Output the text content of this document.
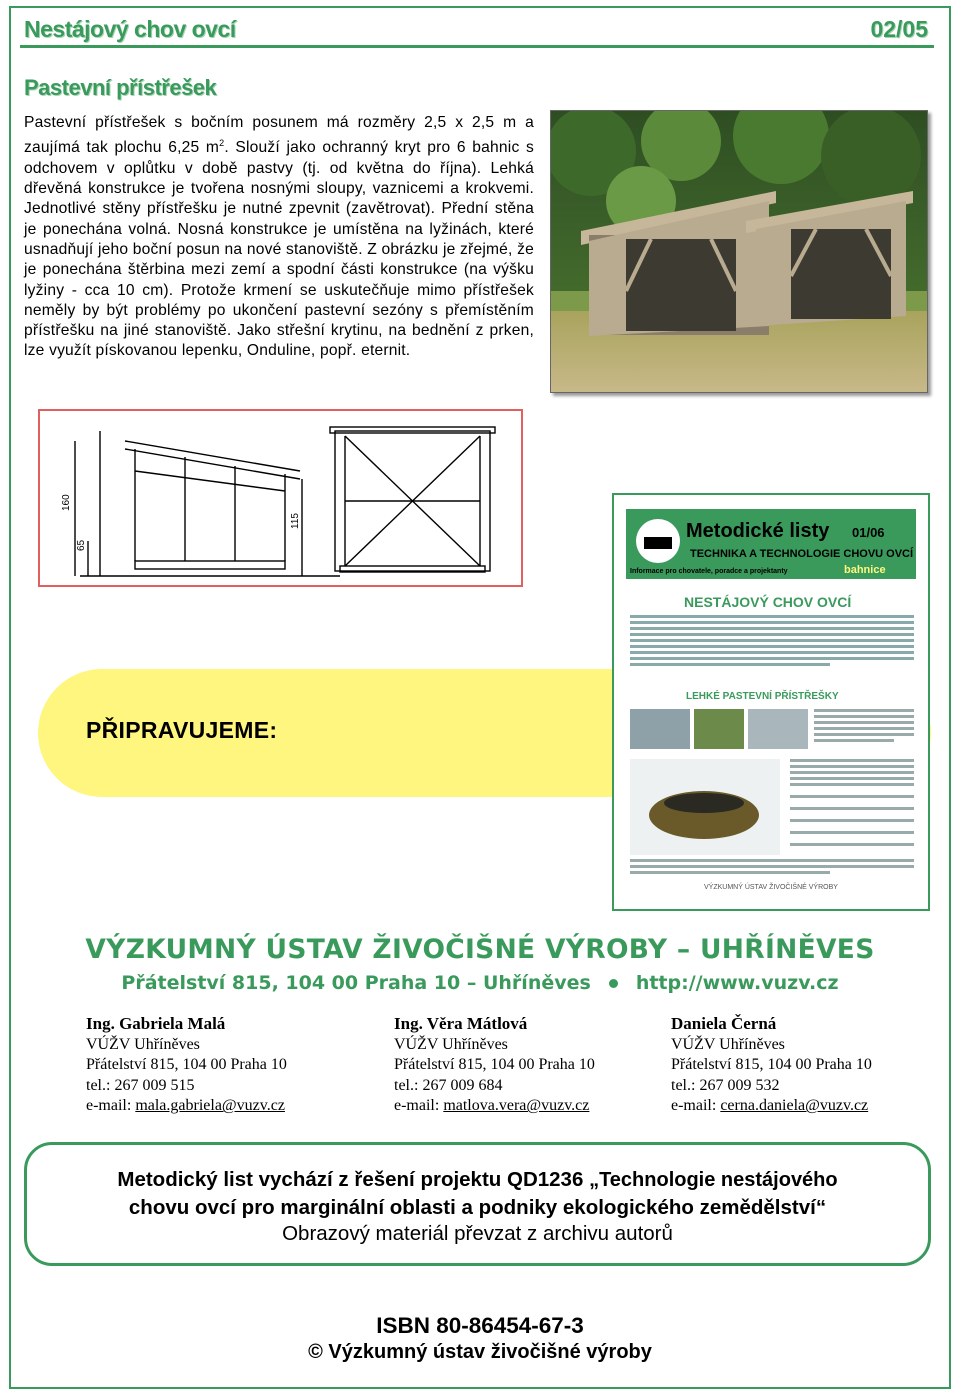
Nestájový chov ovcí	02/05
Pastevní přístřešek
Pastevní přístřešek s bočním posunem má rozměry 2,5 x 2,5 m a zaujímá tak plochu 6,25 $m^2$. Slouží jako ochranný kryt pro 6 bahnic s odchovem v oplůtku v době pastvy (tj. od května do října). Lehká dřevěná konstrukce je tvořena nosnými sloupy, vaznicemi a krokvemi. Jednotlivé stěny přístřešku je nutné zpevnit (zavětrovat). Přední stěna je ponechána volná. Nosná konstrukce je umístěna na lyžinách, které usnadňují jeho boční posun na nové stanoviště. Z obrázku je zřejmé, že je ponechána štěrbina mezi zemí a spodní části konstrukce (na výšku lyžiny - cca 10 cm). Protože krmení se uskutečňuje mimo přístřešek neměly by být problémy po ukončení pastevní sezóny s přemístěním přístřešku na jiné stanoviště. Jako střešní krytinu, na bednění z prken, lze využít pískovanou lepenku, Onduline, popř. eternit.
160
65
115
PŘIPRAVUJEME:
Metodické listy 01/06
TECHNIKA A TECHNOLOGIE CHOVU OVCÍ
Informace pro chovatele, poradce a projektanty	bahnice
NESTÁJOVÝ CHOV OVCÍ
LEHKÉ PASTEVNÍ PŘÍSTŘEŠKY
VÝZKUMNÝ ÚSTAV ŽIVOČIŠNÉ VÝROBY
VÝZKUMNÝ ÚSTAV ŽIVOČIŠNÉ VÝROBY – UHŘÍNĚVES
Přátelství 815, 104 00 Praha 10 – Uhříněves http://www.vuzv.cz
Ing. Gabriela Malá
VÚŽV Uhříněves
Přátelství 815, 104 00 Praha 10
tel.: 267 009 515
e-mail: mala.gabriela@vuzv.cz
Ing. Věra Mátlová
VÚŽV Uhříněves
Přátelství 815, 104 00 Praha 10
tel.: 267 009 684
e-mail: matlova.vera@vuzv.cz
Daniela Černá
VÚŽV Uhříněves
Přátelství 815, 104 00 Praha 10
tel.: 267 009 532
e-mail: cerna.daniela@vuzv.cz
Metodický list vychází z řešení projektu QD1236 „Technologie nestájového
chovu ovcí pro marginální oblasti a podniky ekologického zemědělství“
Obrazový materiál převzat z archivu autorů
ISBN 80-86454-67-3
© Výzkumný ústav živočišné výroby
